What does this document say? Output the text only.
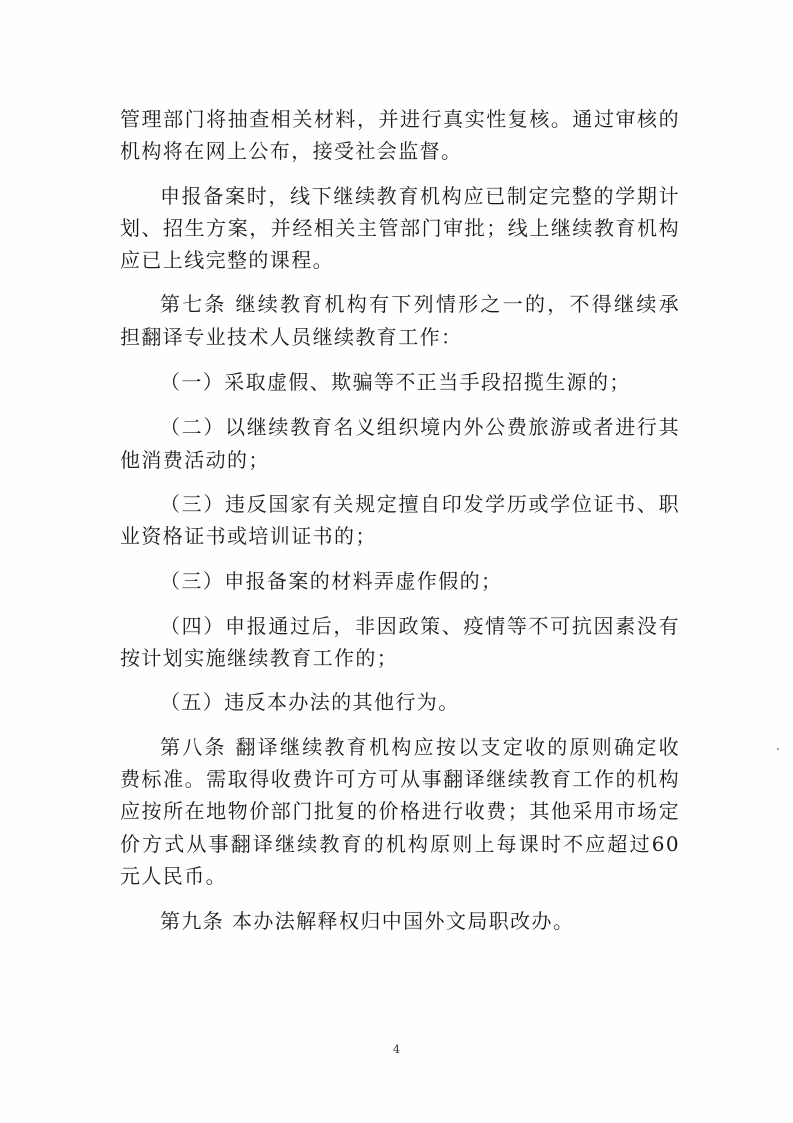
管理部门将抽查相关材料，并进行真实性复核。通过审核的机构将在网上公布，接受社会监督。

申报备案时，线下继续教育机构应已制定完整的学期计划、招生方案，并经相关主管部门审批；线上继续教育机构应已上线完整的课程。

第七条 继续教育机构有下列情形之一的，不得继续承担翻译专业技术人员继续教育工作：

（一）采取虚假、欺骗等不正当手段招揽生源的；

（二）以继续教育名义组织境内外公费旅游或者进行其他消费活动的；

（三）违反国家有关规定擅自印发学历或学位证书、职业资格证书或培训证书的；

（三）申报备案的材料弄虚作假的；

（四）申报通过后，非因政策、疫情等不可抗因素没有按计划实施继续教育工作的；

（五）违反本办法的其他行为。

第八条 翻译继续教育机构应按以支定收的原则确定收费标准。需取得收费许可方可从事翻译继续教育工作的机构应按所在地物价部门批复的价格进行收费；其他采用市场定价方式从事翻译继续教育的机构原则上每课时不应超过60元人民币。

第九条 本办法解释权归中国外文局职改办。

4
